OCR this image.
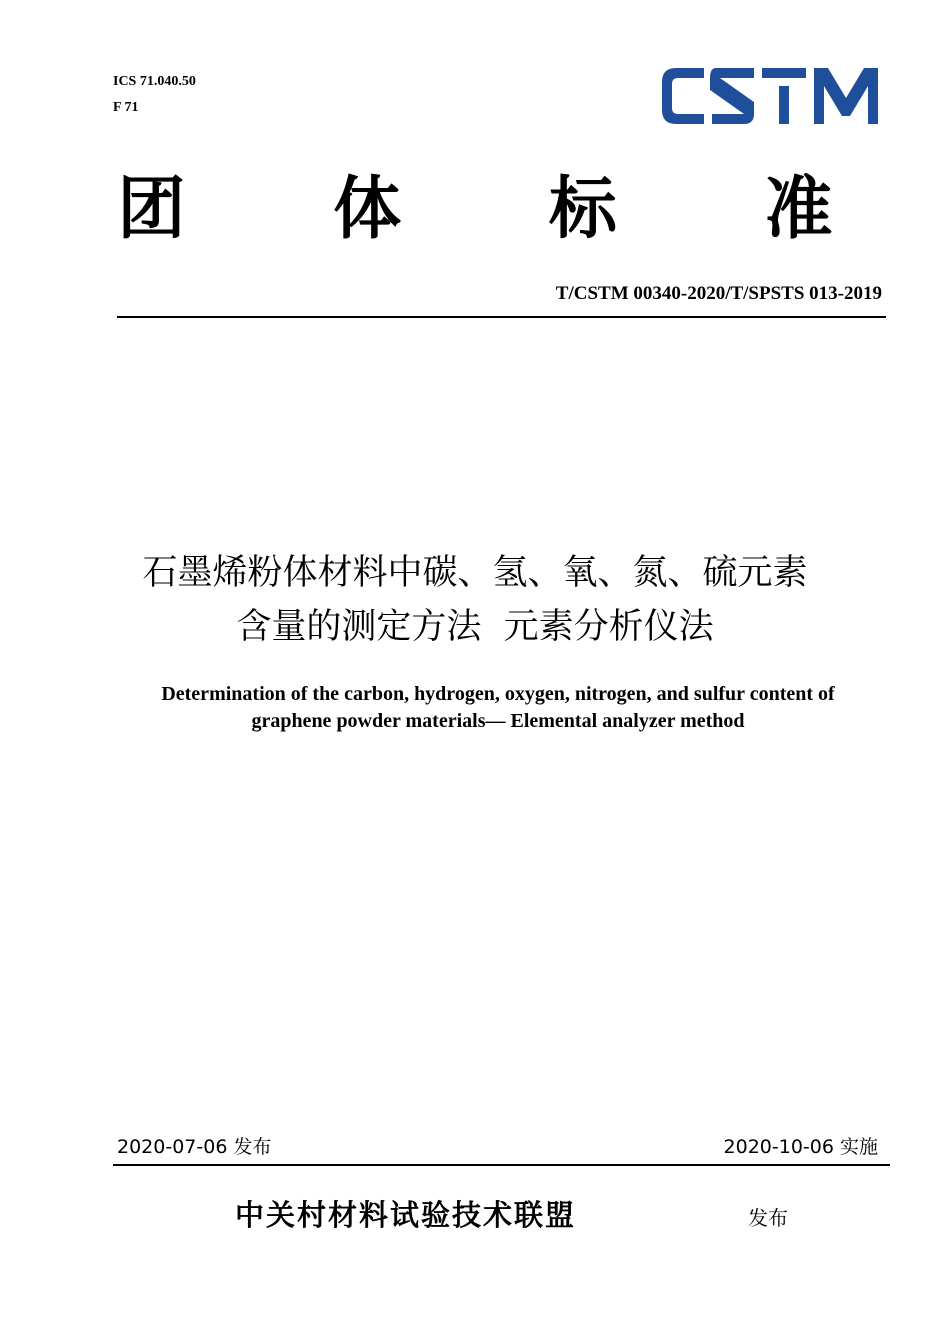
ICS 71.040.50
F 71
CSTM
团 体 标 准
T/CSTM 00340-2020/T/SPSTS 013-2019
石墨烯粉体材料中碳、氢、氧、氮、硫元素
含量的测定方法  元素分析仪法
Determination of the carbon, hydrogen, oxygen, nitrogen, and sulfur content of
graphene powder materials— Elemental analyzer method
2020-07-06 发布	2020-10-06 实施
中关村材料试验技术联盟	发布
